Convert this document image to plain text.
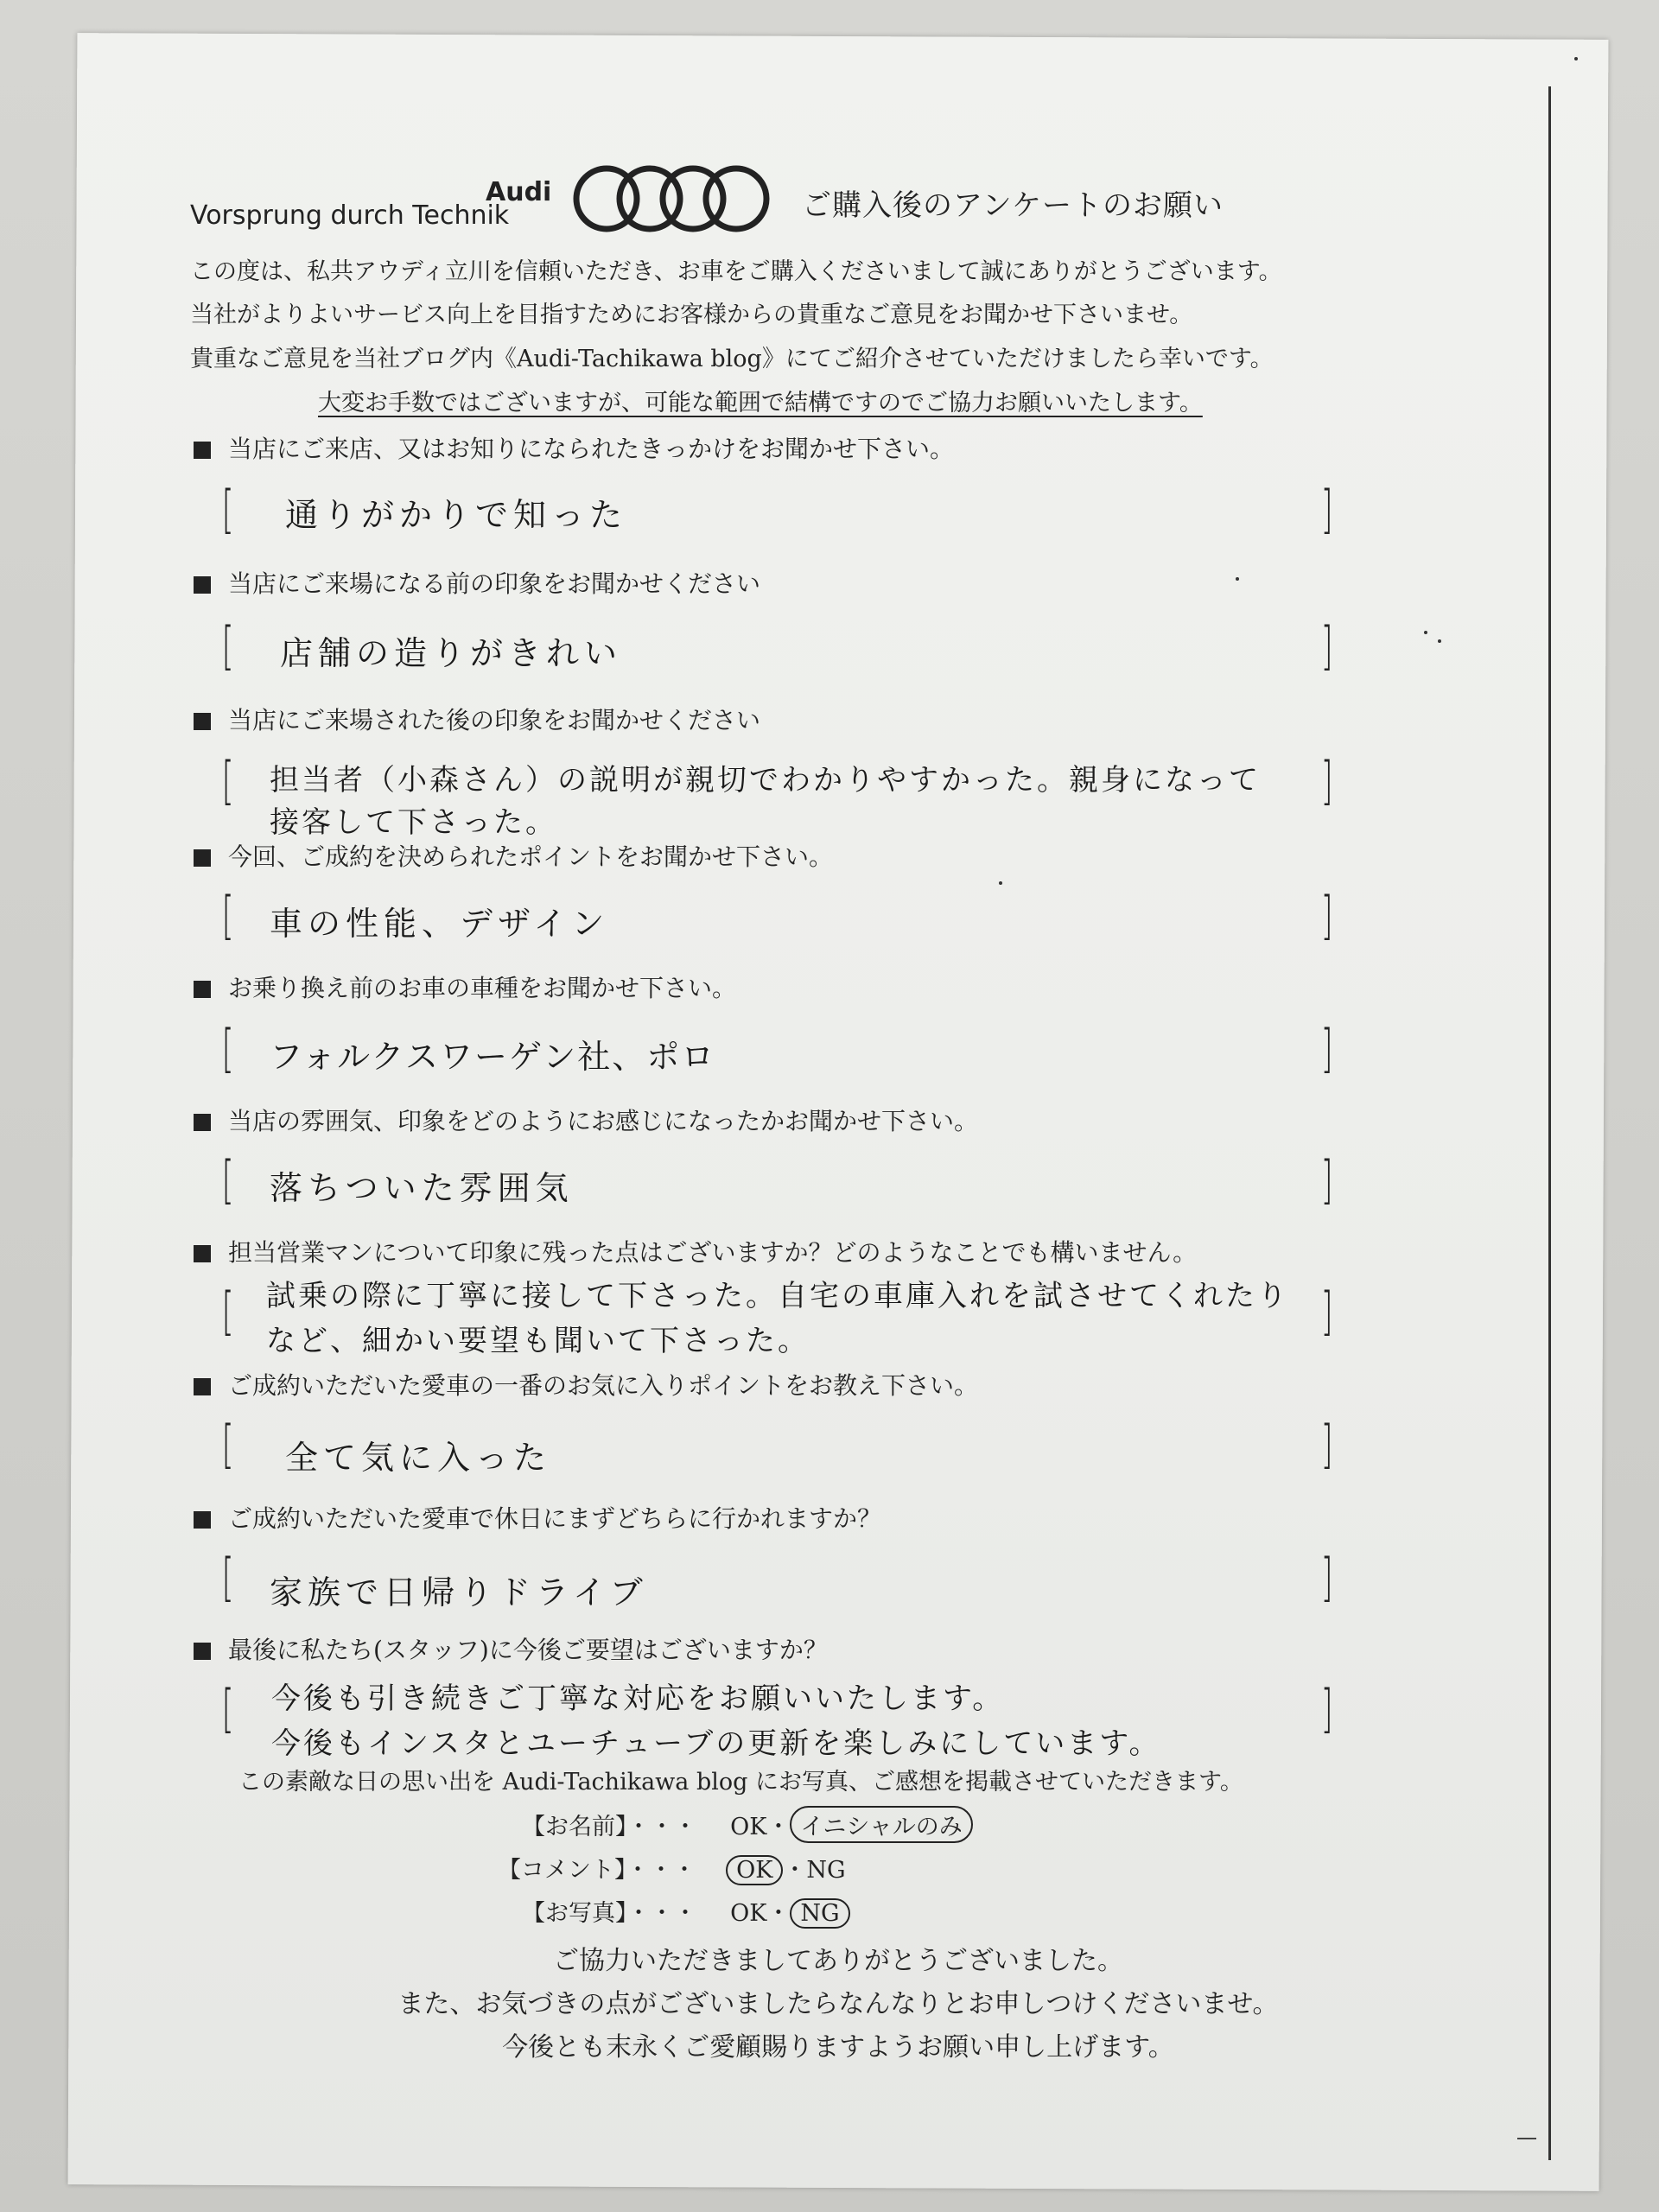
Audi
Vorsprung durch Technik	ご購入後のアンケートのお願い
この度は、私共アウディ立川を信頼いただき、お車をご購入くださいまして誠にありがとうございます。
当社がよりよいサービス向上を目指すためにお客様からの貴重なご意見をお聞かせ下さいませ。
貴重なご意見を当社ブログ内《Audi-Tachikawa blog》にてご紹介させていただけましたら幸いです。
大変お手数ではございますが、可能な範囲で結構ですのでご協力お願いいたします。
当店にご来店、又はお知りになられたきっかけをお聞かせ下さい。
[	]
通りがかりで知った
当店にご来場になる前の印象をお聞かせください
[	]
店舗の造りがきれい
当店にご来場された後の印象をお聞かせください
[	]
担当者（小森さん）の説明が親切でわかりやすかった。親身になって
接客して下さった。
今回、ご成約を決められたポイントをお聞かせ下さい。
[	]
車の性能、デザイン
お乗り換え前のお車の車種をお聞かせ下さい。
[	]
フォルクスワーゲン社、ポロ
当店の雰囲気、印象をどのようにお感じになったかお聞かせ下さい。
[	]
落ちついた雰囲気
担当営業マンについて印象に残った点はございますか？どのようなことでも構いません。
[	]
試乗の際に丁寧に接して下さった。自宅の車庫入れを試させてくれたり
など、細かい要望も聞いて下さった。
ご成約いただいた愛車の一番のお気に入りポイントをお教え下さい。
[	]
全て気に入った
ご成約いただいた愛車で休日にまずどちらに行かれますか？
[	]
家族で日帰りドライブ
最後に私たち(スタッフ)に今後ご要望はございますか？
[	]
今後も引き続きご丁寧な対応をお願いいたします。
今後もインスタとユーチューブの更新を楽しみにしています。
この素敵な日の思い出を Audi-Tachikawa blog にお写真、ご感想を掲載させていただきます。
【お名前】・・・ OK・ イニシャルのみ
【コメント】・・・ OK ・NG
【お写真】・・・ OK・ NG
ご協力いただきましてありがとうございました。
また、お気づきの点がございましたらなんなりとお申しつけくださいませ。
今後とも末永くご愛顧賜りますようお願い申し上げます。
